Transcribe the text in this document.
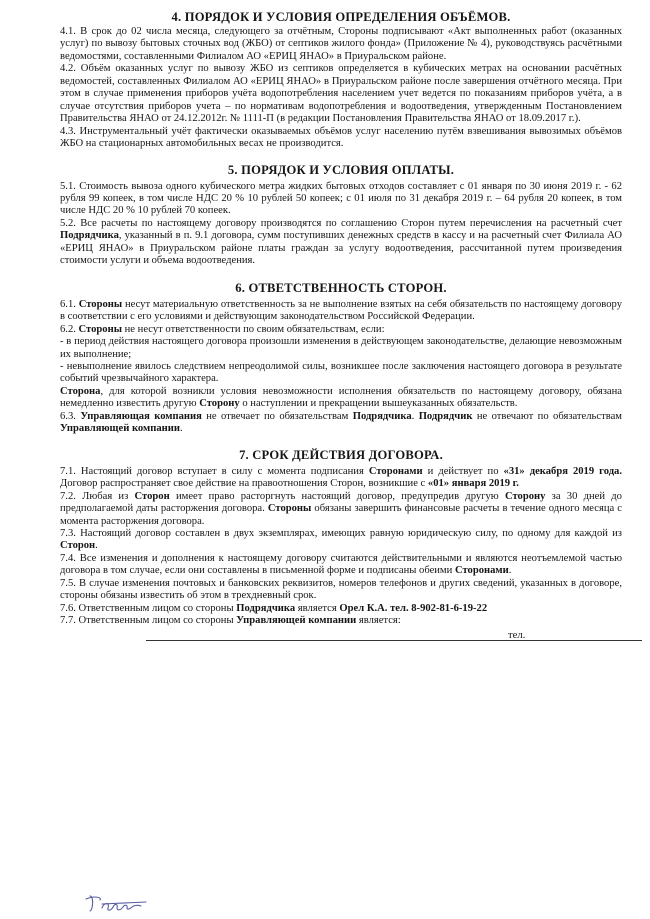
4. ПОРЯДОК И УСЛОВИЯ ОПРЕДЕЛЕНИЯ ОБЪЁМОВ.

4.1. В срок до 02 числа месяца, следующего за отчётным, Стороны подписывают «Акт выполненных работ (оказанных услуг) по вывозу бытовых сточных вод (ЖБО) от септиков жилого фонда» (Приложение № 4), руководствуясь расчётными ведомостями, составленными Филиалом АО «ЕРИЦ ЯНАО» в Приуральском районе.

4.2. Объём оказанных услуг по вывозу ЖБО из септиков определяется в кубических метрах на основании расчётных ведомостей, составленных Филиалом АО «ЕРИЦ ЯНАО» в Приуральском районе после завершения отчётного месяца. При этом в случае применения приборов учёта водопотребления населением учет ведется по показаниям приборов учёта, а в случае отсутствия приборов учета – по нормативам водопотребления и водоотведения, утвержденным Постановлением Правительства ЯНАО от 24.12.2012г. № 1111-П (в редакции Постановления Правительства ЯНАО от 18.09.2017 г.).

4.3. Инструментальный учёт фактически оказываемых объёмов услуг населению путём взвешивания вывозимых объёмов ЖБО на стационарных автомобильных весах не производится.

5. ПОРЯДОК И УСЛОВИЯ ОПЛАТЫ.

5.1. Стоимость вывоза одного кубического метра жидких бытовых отходов составляет с 01 января по 30 июня 2019 г. - 62 рубля 99 копеек, в том числе НДС 20 % 10 рублей 50 копеек; с 01 июля по 31 декабря 2019 г. – 64 рубля 20 копеек, в том числе НДС 20 % 10 рублей 70 копеек.

5.2. Все расчеты по настоящему договору производятся по соглашению Сторон путем перечисления на расчетный счет Подрядчика, указанный в п. 9.1 договора, сумм поступивших денежных средств в кассу и на расчетный счет Филиала АО «ЕРИЦ ЯНАО» в Приуральском районе платы граждан за услугу водоотведения, рассчитанной путем произведения стоимости услуги и объема водоотведения.

6. ОТВЕТСТВЕННОСТЬ СТОРОН.

6.1. Стороны несут материальную ответственность за не выполнение взятых на себя обязательств по настоящему договору в соответствии с его условиями и действующим законодательством Российской Федерации.

6.2. Стороны не несут ответственности по своим обязательствам, если:

- в период действия настоящего договора произошли изменения в действующем законодательстве, делающие невозможным их выполнение;

- невыполнение явилось следствием непреодолимой силы, возникшее после заключения настоящего договора в результате событий чрезвычайного характера.

Сторона, для которой возникли условия невозможности исполнения обязательств по настоящему договору, обязана немедленно известить другую Сторону о наступлении и прекращении вышеуказанных обязательств.

6.3. Управляющая компания не отвечает по обязательствам Подрядчика. Подрядчик не отвечают по обязательствам Управляющей компании.

7. СРОК ДЕЙСТВИЯ ДОГОВОРА.

7.1. Настоящий договор вступает в силу с момента подписания Сторонами и действует по «31» декабря 2019 года. Договор распространяет свое действие на правоотношения Сторон, возникшие с «01» января 2019 г.

7.2. Любая из Сторон имеет право расторгнуть настоящий договор, предупредив другую Сторону за 30 дней до предполагаемой даты расторжения договора. Стороны обязаны завершить финансовые расчеты в течение одного месяца с момента расторжения договора.

7.3. Настоящий договор составлен в двух экземплярах, имеющих равную юридическую силу, по одному для каждой из Сторон.

7.4. Все изменения и дополнения к настоящему договору считаются действительными и являются неотъемлемой частью договора в том случае, если они составлены в письменной форме и подписаны обеими Сторонами.

7.5. В случае изменения почтовых и банковских реквизитов, номеров телефонов и других сведений, указанных в договоре, стороны обязаны известить об этом в трехдневный срок.

7.6. Ответственным лицом со стороны Подрядчика является Орел К.А. тел. 8-902-81-6-19-22

7.7. Ответственным лицом со стороны Управляющей компании является:

тел.
